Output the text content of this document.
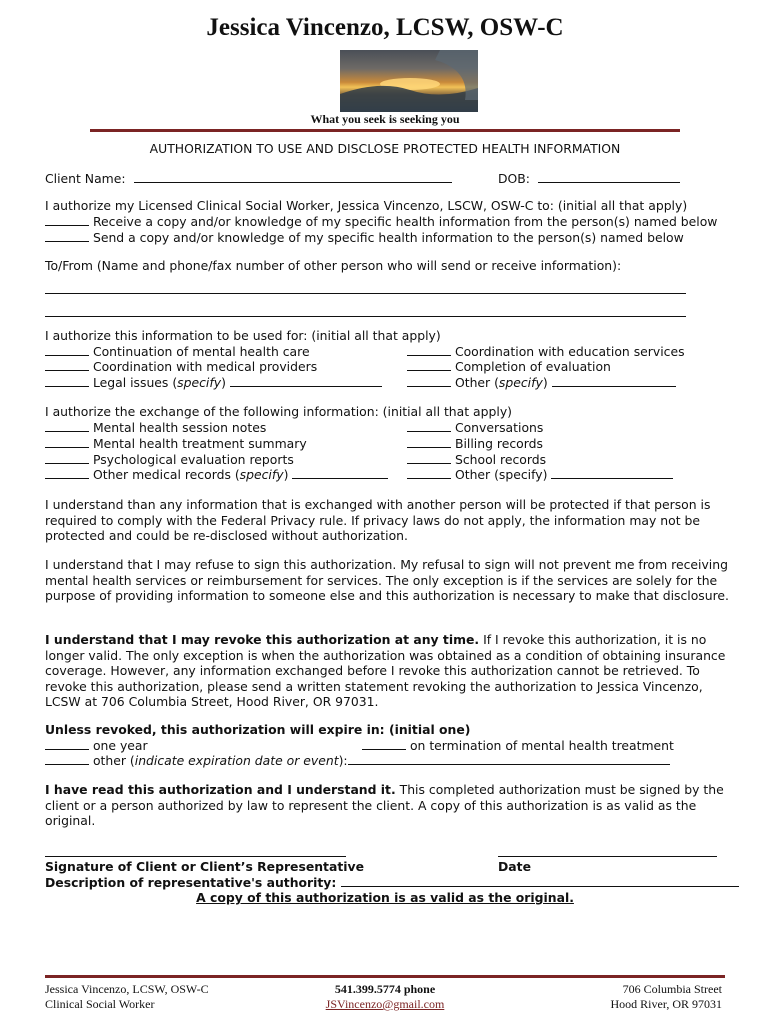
Jessica Vincenzo, LCSW, OSW-C
What you seek is seeking you
AUTHORIZATION TO USE AND DISCLOSE PROTECTED HEALTH INFORMATION
Client Name:	DOB:
I authorize my Licensed Clinical Social Worker, Jessica Vincenzo, LSCW, OSW-C to: (initial all that apply)
Receive a copy and/or knowledge of my specific health information from the person(s) named below
Send a copy and/or knowledge of my specific health information to the person(s) named below
To/From (Name and phone/fax number of other person who will send or receive information):
I authorize this information to be used for: (initial all that apply)
Continuation of mental health care
Coordination with medical providers
Legal issues (specify)
Coordination with education services
Completion of evaluation
Other (specify)
I authorize the exchange of the following information: (initial all that apply)
Mental health session notes
Mental health treatment summary
Psychological evaluation reports
Other medical records (specify)
Conversations
Billing records
School records
Other (specify)
I understand than any information that is exchanged with another person will be protected if that person is required to comply with the Federal Privacy rule. If privacy laws do not apply, the information may not be protected and could be re-disclosed without authorization.
I understand that I may refuse to sign this authorization. My refusal to sign will not prevent me from receiving mental health services or reimbursement for services. The only exception is if the services are solely for the purpose of providing information to someone else and this authorization is necessary to make that disclosure.
I understand that I may revoke this authorization at any time. If I revoke this authorization, it is no longer valid. The only exception is when the authorization was obtained as a condition of obtaining insurance coverage. However, any information exchanged before I revoke this authorization cannot be retrieved. To revoke this authorization, please send a written statement revoking the authorization to Jessica Vincenzo, LCSW at 706 Columbia Street, Hood River, OR 97031.
Unless revoked, this authorization will expire in: (initial one)
one year	on termination of mental health treatment
other (indicate expiration date or event):
I have read this authorization and I understand it. This completed authorization must be signed by the client or a person authorized by law to represent the client. A copy of this authorization is as valid as the original.
Signature of Client or Client’s Representative	Date
Description of representative's authority:
A copy of this authorization is as valid as the original.
Jessica Vincenzo, LCSW, OSW-C
Clinical Social Worker
541.399.5774 phone
JSVincenzo@gmail.com
706 Columbia Street
Hood River, OR 97031
